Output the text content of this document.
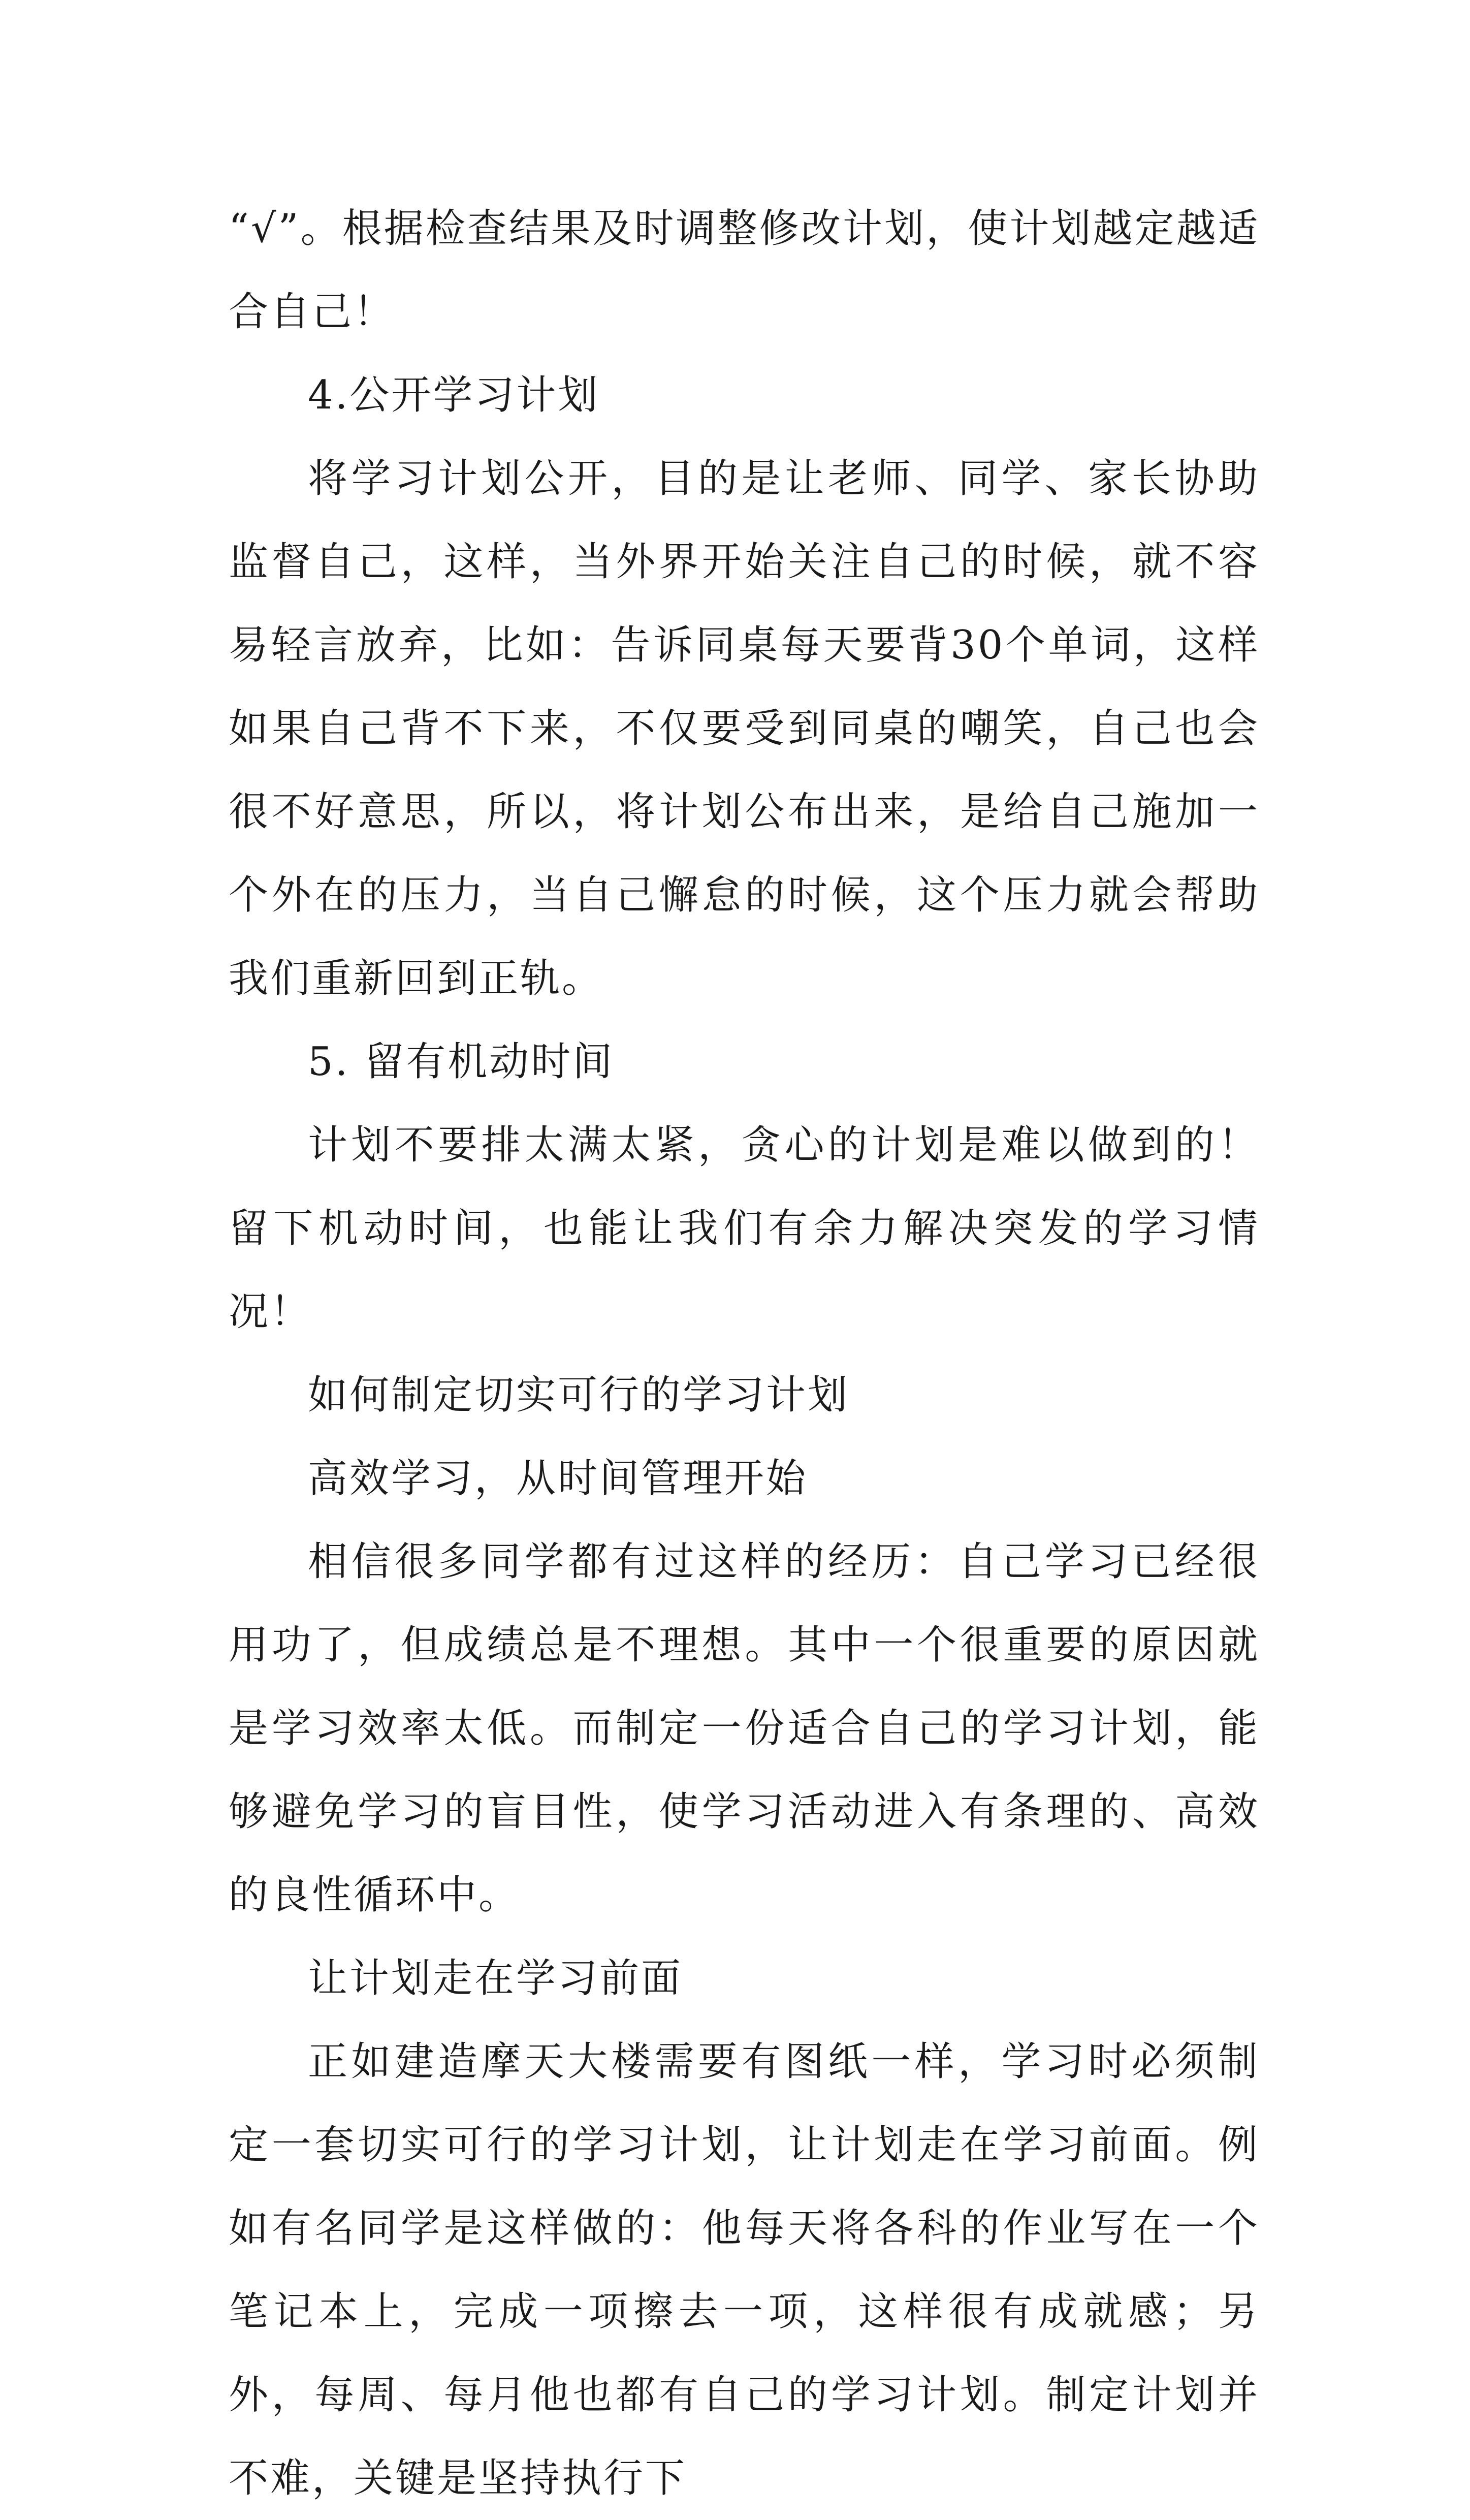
“√”。根据检查结果及时调整修改计划，使计划越定越适合自己！

4.公开学习计划

将学习计划公开，目的是让老师、同学、家长协助监督自己，这样，当外界开始关注自己的时候，就不容易轻言放弃，比如：告诉同桌每天要背30个单词，这样如果自己背不下来，不仅要受到同桌的嘲笑，自己也会很不好意思，所以，将计划公布出来，是给自己施加一个外在的压力，当自己懈怠的时候，这个压力就会帮助我们重新回到正轨。

5. 留有机动时间

计划不要排太满太紧，贪心的计划是难以做到的！留下机动时间，也能让我们有余力解决突发的学习情况！

如何制定切实可行的学习计划

高效学习，从时间管理开始

相信很多同学都有过这样的经历：自己学习已经很用功了，但成绩总是不理想。其中一个很重要的原因就是学习效率太低。而制定一份适合自己的学习计划，能够避免学习的盲目性，使学习活动进入有条理的、高效的良性循环中。

让计划走在学习前面

正如建造摩天大楼需要有图纸一样，学习时必须制定一套切实可行的学习计划，让计划走在学习前面。例如有名同学是这样做的：他每天将各科的作业写在一个笔记本上，完成一项擦去一项，这样很有成就感；另外，每周、每月他也都有自己的学习计划。制定计划并不难，关键是坚持执行下
